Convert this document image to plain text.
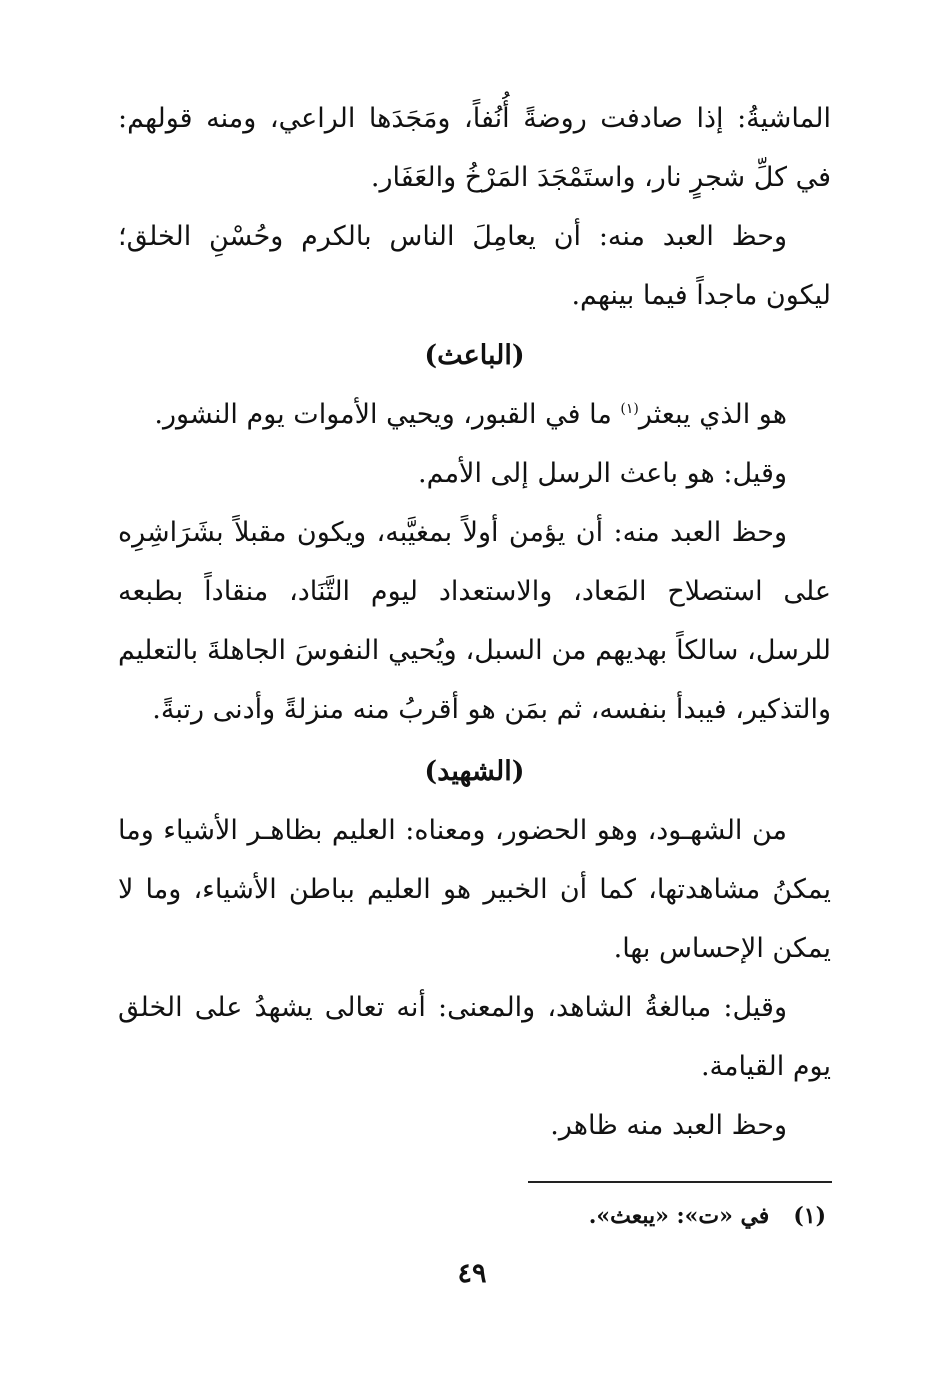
الماشيةُ: إذا صادفت روضةً أُنُفاً، ومَجَدَها الراعي، ومنه قولهم: في كلِّ شجرٍ نار، واستَمْجَدَ المَرْخُ والعَفَار.

وحظ العبد منه: أن يعامِلَ الناس بالكرم وحُسْنِ الخلق؛ ليكون ماجداً فيما بينهم.

(الباعث)

هو الذي يبعثر$^{(١)}$ ما في القبور، ويحيي الأموات يوم النشور.

وقيل: هو باعث الرسل إلى الأمم.

وحظ العبد منه: أن يؤمن أولاً بمغيَّبه، ويكون مقبلاً بشَرَاشِرِه على استصلاح المَعاد، والاستعداد ليوم التَّنَاد، منقاداً بطبعه للرسل، سالكاً بهديهم من السبل، ويُحيي النفوسَ الجاهلةَ بالتعليم والتذكير، فيبدأ بنفسه، ثم بمَن هو أقربُ منه منزلةً وأدنى رتبةً.

(الشهيد)

من الشهـود، وهو الحضور، ومعناه: العليم بظاهـر الأشياء وما يمكنُ مشاهدتها، كما أن الخبير هو العليم بباطن الأشياء، وما لا يمكن الإحساس بها.

وقيل: مبالغةُ الشاهد، والمعنى: أنه تعالى يشهدُ على الخلق يوم القيامة.

وحظ العبد منه ظاهر.

(١)في «ت»: «يبعث».
٤٩
